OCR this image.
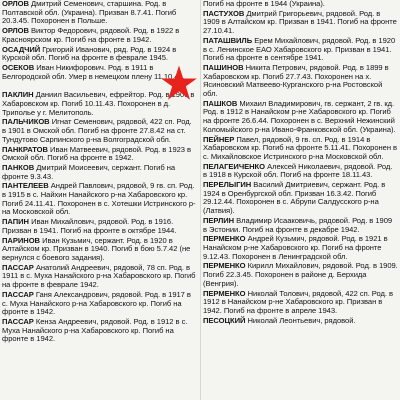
ОРЛОВ Дмитрий Семенович, старшина. Род. в Полтавской обл. (Украина). Призван 8.7.41. Погиб 20.3.45. Похоронен в Польше.
ОРЛОВ Виктор Федорович, рядовой. Род. в 1922 в Красноярском кр. Погиб на фронте в 1942.
ОСАДЧИЙ Григорий Иванович, ряд. Род. в 1924 в Курской обл. Погиб на фронте в феврале 1945.
ОСЕКОВ Иван Никифорович. Род. в 1911 в Белгородской обл. Умер в немецком плену 11.10.41.
ПАКЛИН Даниил Васильевич, ефрейтор. Род. в 1906 в Хабаровском кр. Погиб 10.11.43. Похоронен в д. Триполье у г. Мелитополь.
ПАЛЬЧИКОВ Игнат Семенович, рядовой, 422 сп. Род. в 1901 в Омской обл. Погиб на фронте 27.8.42 на ст. Тундутово Сарпинского р-на Волгоградской обл.
ПАНКРАТОВ Иван Матвеевич, рядовой. Род. в 1923 в Омской обл. Погиб на фронте в 1942.
ПАНКОВ Дмитрий Моисеевич, сержант. Погиб на фронте 9.3.43.
ПАНТЕЛЕЕВ Андрей Павлович, рядовой, 9 гв. сп. Род. в 1915 в с. Найхин Нанайского р-на Хабаровского кр. Погиб 24.11.41. Похоронен в с. Хотешки Истринского р-на Московской обл.
ПАПИН Иван Михайлович, рядовой. Род. в 1916. Призван в 1941. Погиб на фронте в октябре 1944.
ПАРИНОВ Иван Кузьмич, сержант. Род. в 1920 в Алтайском кр. Призван в 1940. Погиб в бою 5.7.42 (не вернулся с боевого задания).
ПАССАР Анатолий Андреевич, рядовой, 78 сп. Род. в 1911 в с. Муха Нанайского р-на Хабаровского кр. Погиб на фронте в феврале 1942.
ПАССАР Ганя Александрович, рядовой. Род. в 1917 в с. Муха Нанайского р-на Хабаровского кр. Погиб на фронте в 1942.
ПАССАР Кенза Андреевич, рядовой. Род. в 1912 в с. Муха Нанайского р-на Хабаровского кр. Погиб на фронте в 1942.
Погиб на фронте в 1944 (Украина).
ПАСТУХОВ Дмитрий Григорьевич, рядовой. Род. в 1909 в Алтайском кр. Призван в 1941. Погиб на фронте 27.10.41.
ПАТАШВИЛЬ Ерем Михайлович, рядовой. Род. в 1920 в с. Ленинское ЕАО Хабаровского кр. Призван в 1941. Погиб на фронте в сентябре 1941.
ПАШИНОВ Никита Петрович, рядовой. Род. в 1899 в Хабаровском кр. Погиб 27.7.43. Похоронен на х. Ясиновский Матвеево-Курганского р-на Ростовской обл.
ПАШКОВ Михаил Владимирович, гв. сержант, 2 гв. кд. Род. в 1912 в Нанайском р-не Хабаровского кр. Погиб на фронте 26.6.44. Похоронен в с. Верхний Нежинский Коломыйского р-на Ивано-Франковской обл. (Украина).
ПЕЙНЕР Павел, рядовой, 9 гв. сп. Род. в 1914 в Хабаровском кр. Погиб на фронте 5.11.41. Похоронен в с. Михайловское Истринского р-на Московской обл.
ПЕЛАГЕИЧЕНКО Алексей Николаевич, рядовой. Род. в 1918 в Курской обл. Погиб на фронте 18.11.43.
ПЕРЕЛЫГИН Василий Дмитриевич, сержант. Род. в 1924 в Оренбургской обл. Призван 16.3.42. Погиб 29.12.44. Похоронен в с. Абрупи Салдусского р-на (Латвия).
ПЕРЛИН Владимир Исааковичь, рядовой. Род. в 1909 в Эстонии. Погиб на фронте в декабре 1942.
ПЕРМЕНКО Андрей Кузьмич, рядовой. Род. в 1921 в Нанайском р-не Хабаровского кр. Погиб на фронте 9.12.43. Похоронен в Ленинградской обл.
ПЕРМЕНКО Кирилл Михайлович, рядовой. Род. в 1909. Погиб 22.3.45. Похоронен в районе д. Берхида (Венгрия).
ПЕРМЕНКО Николай Толович, рядовой, 422 сп. Род. в 1912 в Нанайском р-не Хабаровского кр. Призван в 1942. Погиб на фронте в апреле 1943.
ПЕСОЦКИЙ Николай Леонтьевич, рядовой.
